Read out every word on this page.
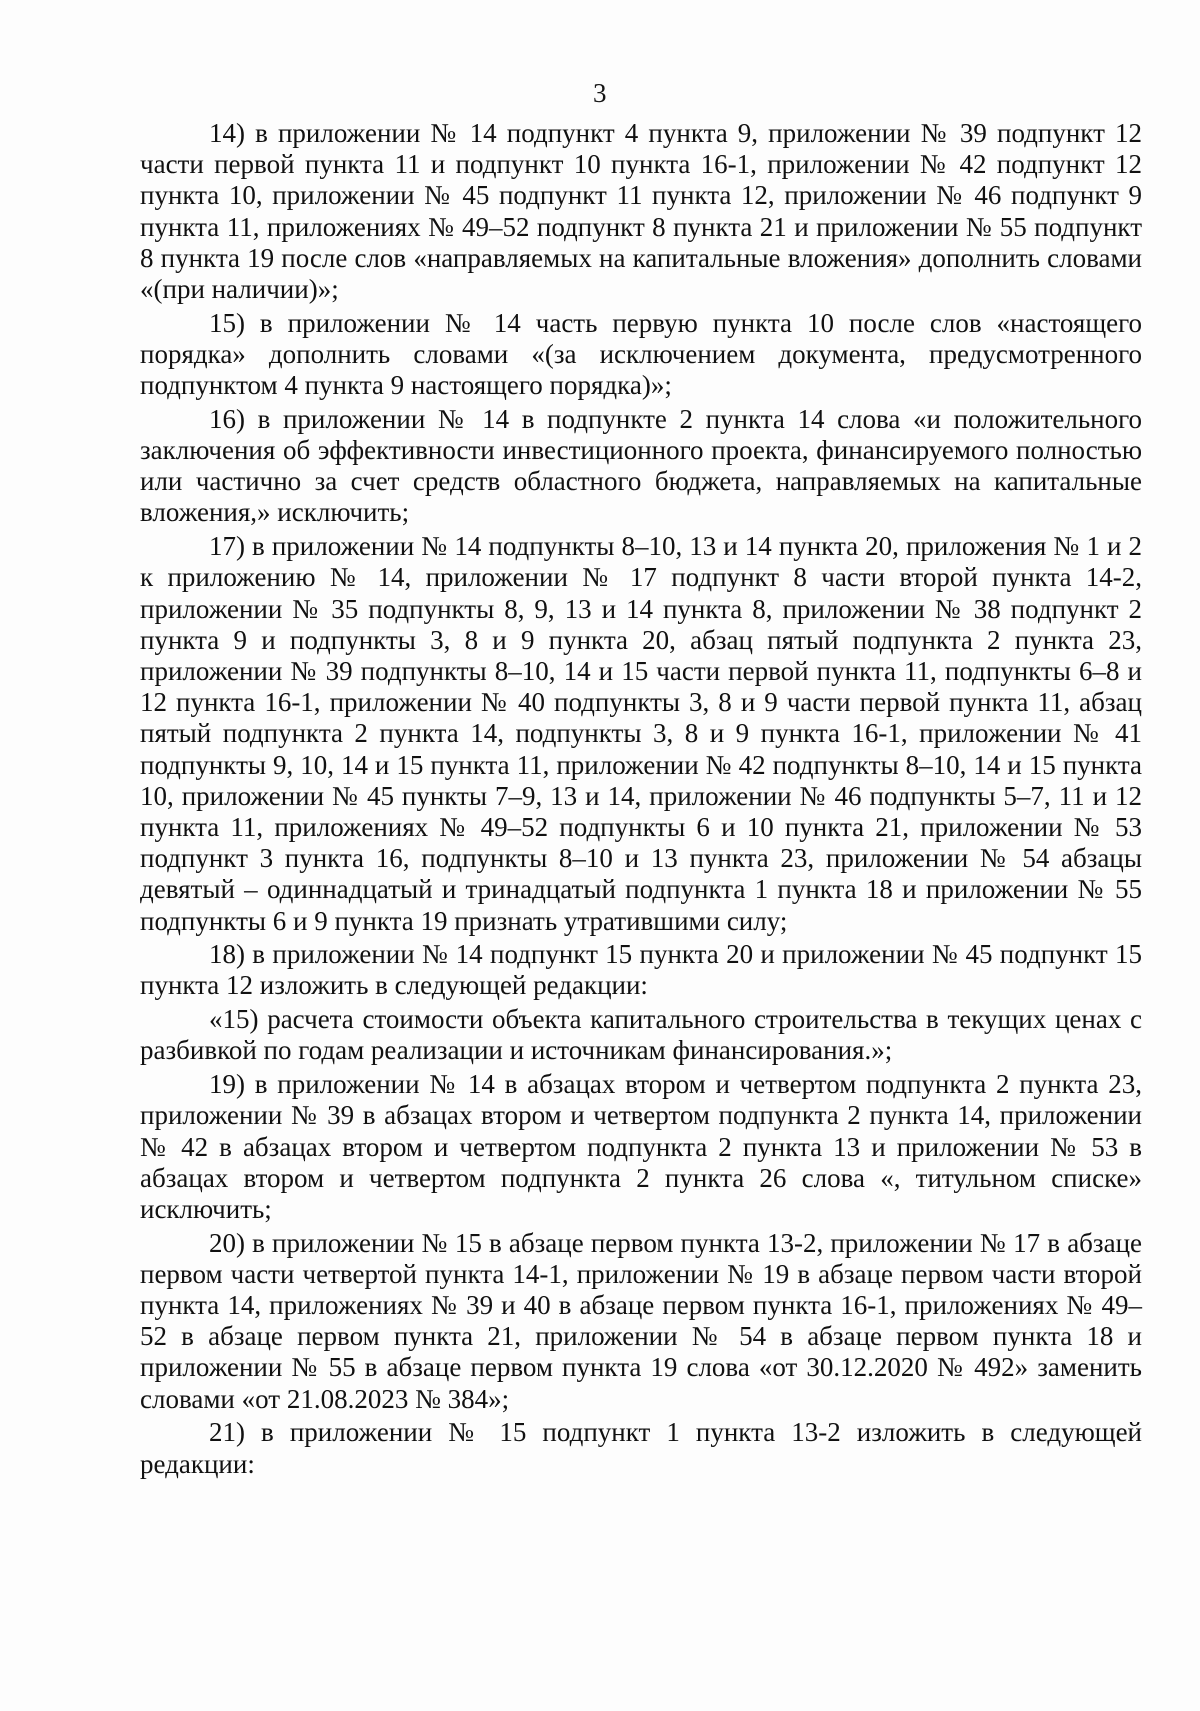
3

14) в приложении № 14 подпункт 4 пункта 9, приложении № 39 подпункт 12 части первой пункта 11 и подпункт 10 пункта 16-1, приложении № 42 подпункт 12 пункта 10, приложении № 45 подпункт 11 пункта 12, приложении № 46 подпункт 9 пункта 11, приложениях № 49–52 подпункт 8 пункта 21 и приложении № 55 подпункт 8 пункта 19 после слов «направляемых на капитальные вложения» дополнить словами «(при наличии)»;

15) в приложении № 14 часть первую пункта 10 после слов «настоящего порядка» дополнить словами «(за исключением документа, предусмотренного подпунктом 4 пункта 9 настоящего порядка)»;

16) в приложении № 14 в подпункте 2 пункта 14 слова «и положительного заключения об эффективности инвестиционного проекта, финансируемого полностью или частично за счет средств областного бюджета, направляемых на капитальные вложения,» исключить;

17) в приложении № 14 подпункты 8–10, 13 и 14 пункта 20, приложения № 1 и 2 к приложению № 14, приложении № 17 подпункт 8 части второй пункта 14-2, приложении № 35 подпункты 8, 9, 13 и 14 пункта 8, приложении № 38 подпункт 2 пункта 9 и подпункты 3, 8 и 9 пункта 20, абзац пятый подпункта 2 пункта 23, приложении № 39 подпункты 8–10, 14 и 15 части первой пункта 11, подпункты 6–8 и 12 пункта 16-1, приложении № 40 подпункты 3, 8 и 9 части первой пункта 11, абзац пятый подпункта 2 пункта 14, подпункты 3, 8 и 9 пункта 16-1, приложении № 41 подпункты 9, 10, 14 и 15 пункта 11, приложении № 42 подпункты 8–10, 14 и 15 пункта 10, приложении № 45 пункты 7–9, 13 и 14, приложении № 46 подпункты 5–7, 11 и 12 пункта 11, приложениях № 49–52 подпункты 6 и 10 пункта 21, приложении № 53 подпункт 3 пункта 16, подпункты 8–10 и 13 пункта 23, приложении № 54 абзацы девятый – одиннадцатый и тринадцатый подпункта 1 пункта 18 и приложении № 55 подпункты 6 и 9 пункта 19 признать утратившими силу;

18) в приложении № 14 подпункт 15 пункта 20 и приложении № 45 подпункт 15 пункта 12 изложить в следующей редакции:

«15) расчета стоимости объекта капитального строительства в текущих ценах с разбивкой по годам реализации и источникам финансирования.»;

19) в приложении № 14 в абзацах втором и четвертом подпункта 2 пункта 23, приложении № 39 в абзацах втором и четвертом подпункта 2 пункта 14, приложении № 42 в абзацах втором и четвертом подпункта 2 пункта 13 и приложении № 53 в абзацах втором и четвертом подпункта 2 пункта 26 слова «, титульном списке» исключить;

20) в приложении № 15 в абзаце первом пункта 13-2, приложении № 17 в абзаце первом части четвертой пункта 14-1, приложении № 19 в абзаце первом части второй пункта 14, приложениях № 39 и 40 в абзаце первом пункта 16-1, приложениях № 49–52 в абзаце первом пункта 21, приложении № 54 в абзаце первом пункта 18 и приложении № 55 в абзаце первом пункта 19 слова «от 30.12.2020 № 492» заменить словами «от 21.08.2023 № 384»;

21) в приложении № 15 подпункт 1 пункта 13-2 изложить в следующей редакции:
